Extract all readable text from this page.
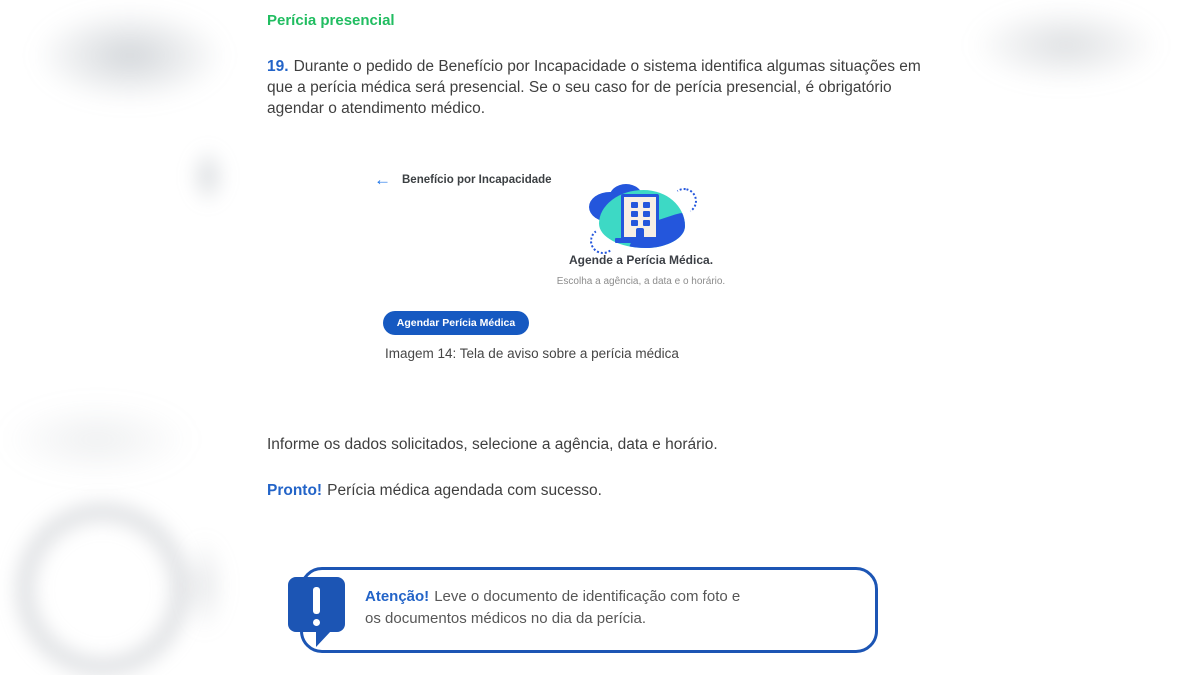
Perícia presencial
19. Durante o pedido de Benefício por Incapacidade o sistema identifica algumas situações em que a perícia médica será presencial. Se o seu caso for de perícia presencial, é obrigatório agendar o atendimento médico.
← Benefício por Incapacidade
Agende a Perícia Médica.
Escolha a agência, a data e o horário.
Agendar Perícia Médica
Imagem 14: Tela de aviso sobre a perícia médica
Informe os dados solicitados, selecione a agência, data e horário.
Pronto! Perícia médica agendada com sucesso.
Atenção! Leve o documento de identificação com foto e
os documentos médicos no dia da perícia.
